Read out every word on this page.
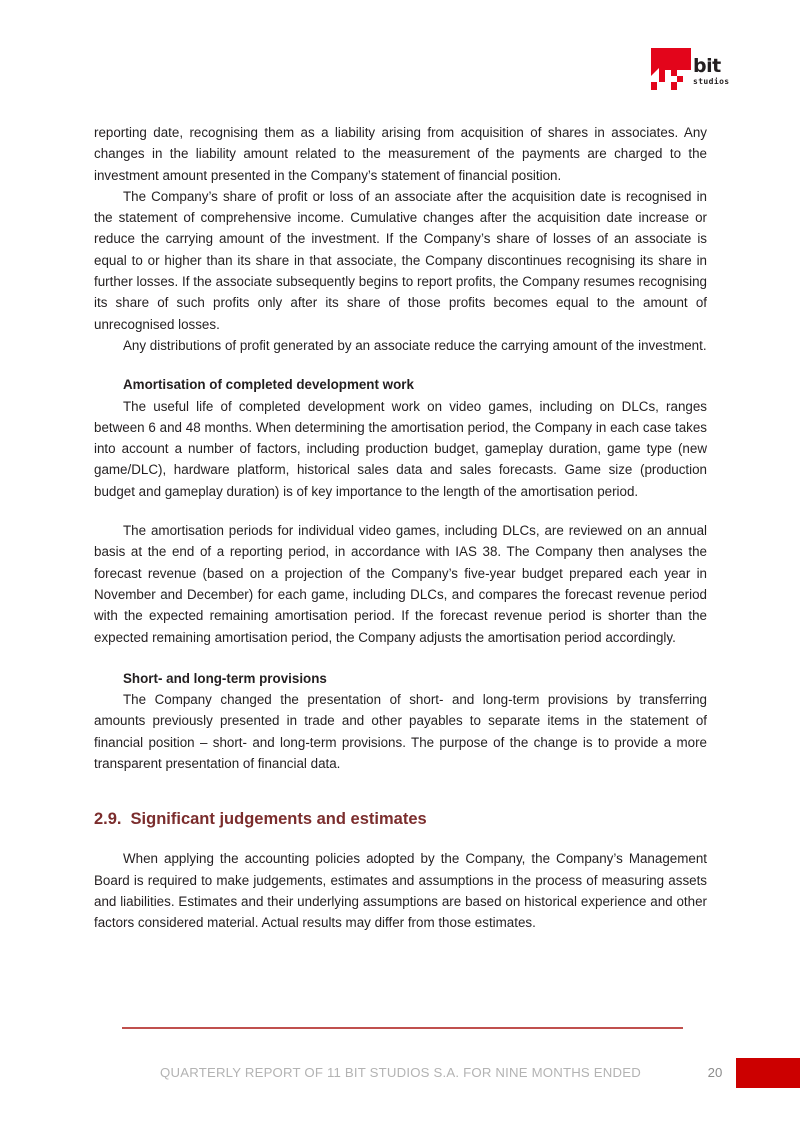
bit
studios

reporting date, recognising them as a liability arising from acquisition of shares in associates. Any changes in the liability amount related to the measurement of the payments are charged to the investment amount presented in the Company’s statement of financial position.

The Company’s share of profit or loss of an associate after the acquisition date is recognised in the statement of comprehensive income. Cumulative changes after the acquisition date increase or reduce the carrying amount of the investment. If the Company’s share of losses of an associate is equal to or higher than its share in that associate, the Company discontinues recognising its share in further losses. If the associate subsequently begins to report profits, the Company resumes recognising its share of such profits only after its share of those profits becomes equal to the amount of unrecognised losses.

Any distributions of profit generated by an associate reduce the carrying amount of the investment.

Amortisation of completed development work

The useful life of completed development work on video games, including on DLCs, ranges between 6 and 48 months. When determining the amortisation period, the Company in each case takes into account a number of factors, including production budget, gameplay duration, game type (new game/DLC), hardware platform, historical sales data and sales forecasts. Game size (production budget and gameplay duration) is of key importance to the length of the amortisation period.

The amortisation periods for individual video games, including DLCs, are reviewed on an annual basis at the end of a reporting period, in accordance with IAS 38. The Company then analyses the forecast revenue (based on a projection of the Company’s five-year budget prepared each year in November and December) for each game, including DLCs, and compares the forecast revenue period with the expected remaining amortisation period. If the forecast revenue period is shorter than the expected remaining amortisation period, the Company adjusts the amortisation period accordingly.

Short- and long-term provisions

The Company changed the presentation of short- and long-term provisions by transferring amounts previously presented in trade and other payables to separate items in the statement of financial position – short- and long-term provisions. The purpose of the change is to provide a more transparent presentation of financial data.

2.9. Significant judgements and estimates

When applying the accounting policies adopted by the Company, the Company’s Management Board is required to make judgements, estimates and assumptions in the process of measuring assets and liabilities. Estimates and their underlying assumptions are based on historical experience and other factors considered material. Actual results may differ from those estimates.

QUARTERLY REPORT OF 11 BIT STUDIOS S.A. FOR NINE MONTHS ENDED	20
